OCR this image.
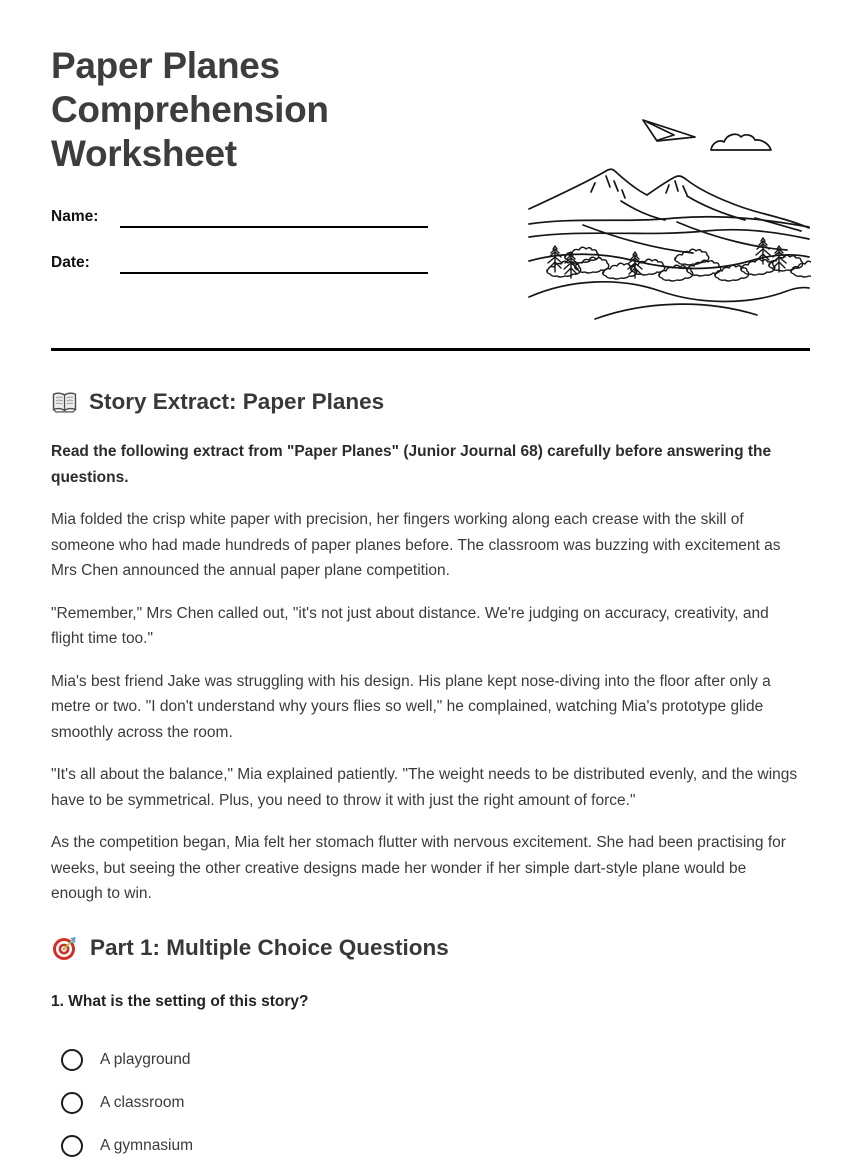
Paper Planes Comprehension Worksheet
Name:
Date:
Story Extract: Paper Planes

Read the following extract from "Paper Planes" (Junior Journal 68) carefully before answering the questions.

Mia folded the crisp white paper with precision, her fingers working along each crease with the skill of someone who had made hundreds of paper planes before. The classroom was buzzing with excitement as Mrs Chen announced the annual paper plane competition.

"Remember," Mrs Chen called out, "it's not just about distance. We're judging on accuracy, creativity, and flight time too."

Mia's best friend Jake was struggling with his design. His plane kept nose-diving into the floor after only a metre or two. "I don't understand why yours flies so well," he complained, watching Mia's prototype glide smoothly across the room.

"It's all about the balance," Mia explained patiently. "The weight needs to be distributed evenly, and the wings have to be symmetrical. Plus, you need to throw it with just the right amount of force."

As the competition began, Mia felt her stomach flutter with nervous excitement. She had been practising for weeks, but seeing the other creative designs made her wonder if her simple dart-style plane would be enough to win.

Part 1: Multiple Choice Questions

1. What is the setting of this story?

A playground
A classroom
A gymnasium
